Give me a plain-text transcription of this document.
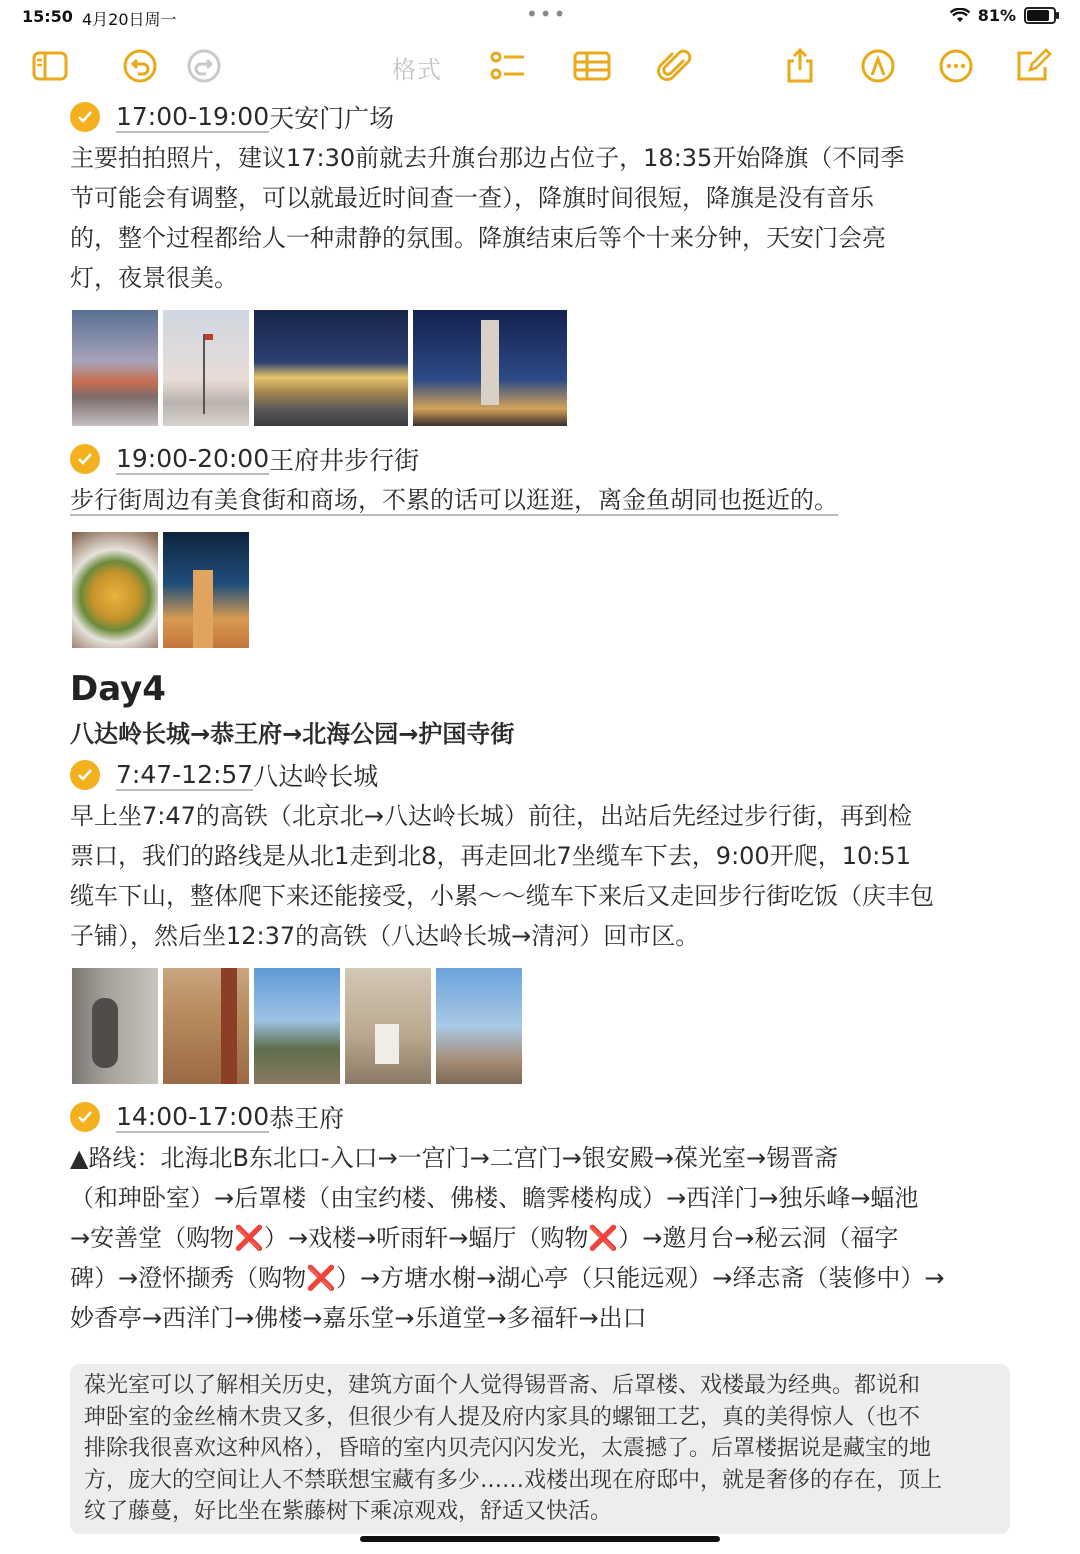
15:50 4月20日周一	•••	81%
格式
17:00-19:00 天安门广场

主要拍拍照片，建议17:30前就去升旗台那边占位子，18:35开始降旗（不同季
节可能会有调整，可以就最近时间查一查），降旗时间很短，降旗是没有音乐
的，整个过程都给人一种肃静的氛围。降旗结束后等个十来分钟，天安门会亮
灯，夜景很美。

19:00-20:00 王府井步行街

步行街周边有美食街和商场，不累的话可以逛逛，离金鱼胡同也挺近的。

Day4
八达岭长城→恭王府→北海公园→护国寺街
7:47-12:57 八达岭长城

早上坐7:47的高铁（北京北→八达岭长城）前往，出站后先经过步行街，再到检
票口，我们的路线是从北1走到北8，再走回北7坐缆车下去，9:00开爬，10:51
缆车下山，整体爬下来还能接受，小累～～缆车下来后又走回步行街吃饭（庆丰包
子铺），然后坐12:37的高铁（八达岭长城→清河）回市区。

14:00-17:00 恭王府

▲路线：北海北B东北口-入口→一宫门→二宫门→银安殿→葆光室→锡晋斋
（和珅卧室）→后罩楼（由宝约楼、佛楼、瞻霁楼构成）→西洋门→独乐峰→蝠池
→安善堂（购物❌）→戏楼→听雨轩→蝠厅（购物❌）→邀月台→秘云洞（福字
碑）→澄怀撷秀（购物❌）→方塘水榭→湖心亭（只能远观）→绎志斋（装修中）→
妙香亭→西洋门→佛楼→嘉乐堂→乐道堂→多福轩→出口

葆光室可以了解相关历史，建筑方面个人觉得锡晋斋、后罩楼、戏楼最为经典。都说和
珅卧室的金丝楠木贵又多，但很少有人提及府内家具的螺钿工艺，真的美得惊人（也不
排除我很喜欢这种风格），昏暗的室内贝壳闪闪发光，太震撼了。后罩楼据说是藏宝的地
方，庞大的空间让人不禁联想宝藏有多少……戏楼出现在府邸中，就是奢侈的存在，顶上
纹了藤蔓，好比坐在紫藤树下乘凉观戏，舒适又快活。
